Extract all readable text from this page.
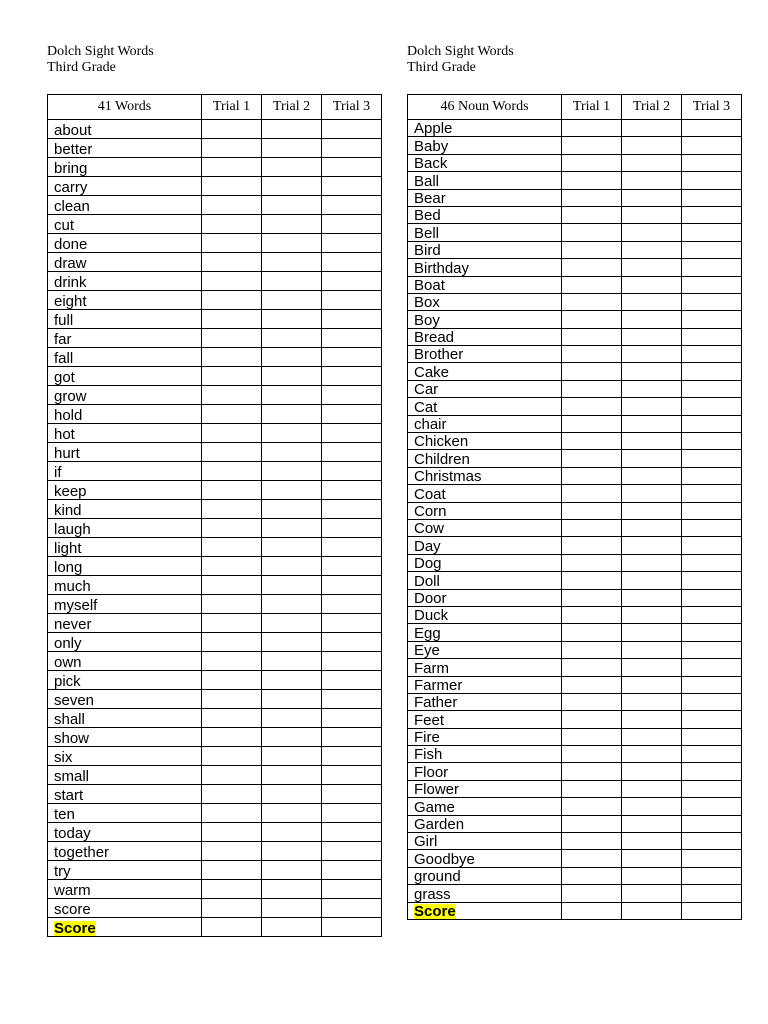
Dolch Sight Words
Third Grade
Dolch Sight Words
Third Grade
41 Words	Trial 1	Trial 2	Trial 3
about			
better			
bring			
carry			
clean			
cut			
done			
draw			
drink			
eight			
full			
far			
fall			
got			
grow			
hold			
hot			
hurt			
if			
keep			
kind			
laugh			
light			
long			
much			
myself			
never			
only			
own			
pick			
seven			
shall			
show			
six			
small			
start			
ten			
today			
together			
try			
warm			
score			
Score			
46 Noun Words	Trial 1	Trial 2	Trial 3
Apple			
Baby			
Back			
Ball			
Bear			
Bed			
Bell			
Bird			
Birthday			
Boat			
Box			
Boy			
Bread			
Brother			
Cake			
Car			
Cat			
chair			
Chicken			
Children			
Christmas			
Coat			
Corn			
Cow			
Day			
Dog			
Doll			
Door			
Duck			
Egg			
Eye			
Farm			
Farmer			
Father			
Feet			
Fire			
Fish			
Floor			
Flower			
Game			
Garden			
Girl			
Goodbye			
ground			
grass			
Score			
